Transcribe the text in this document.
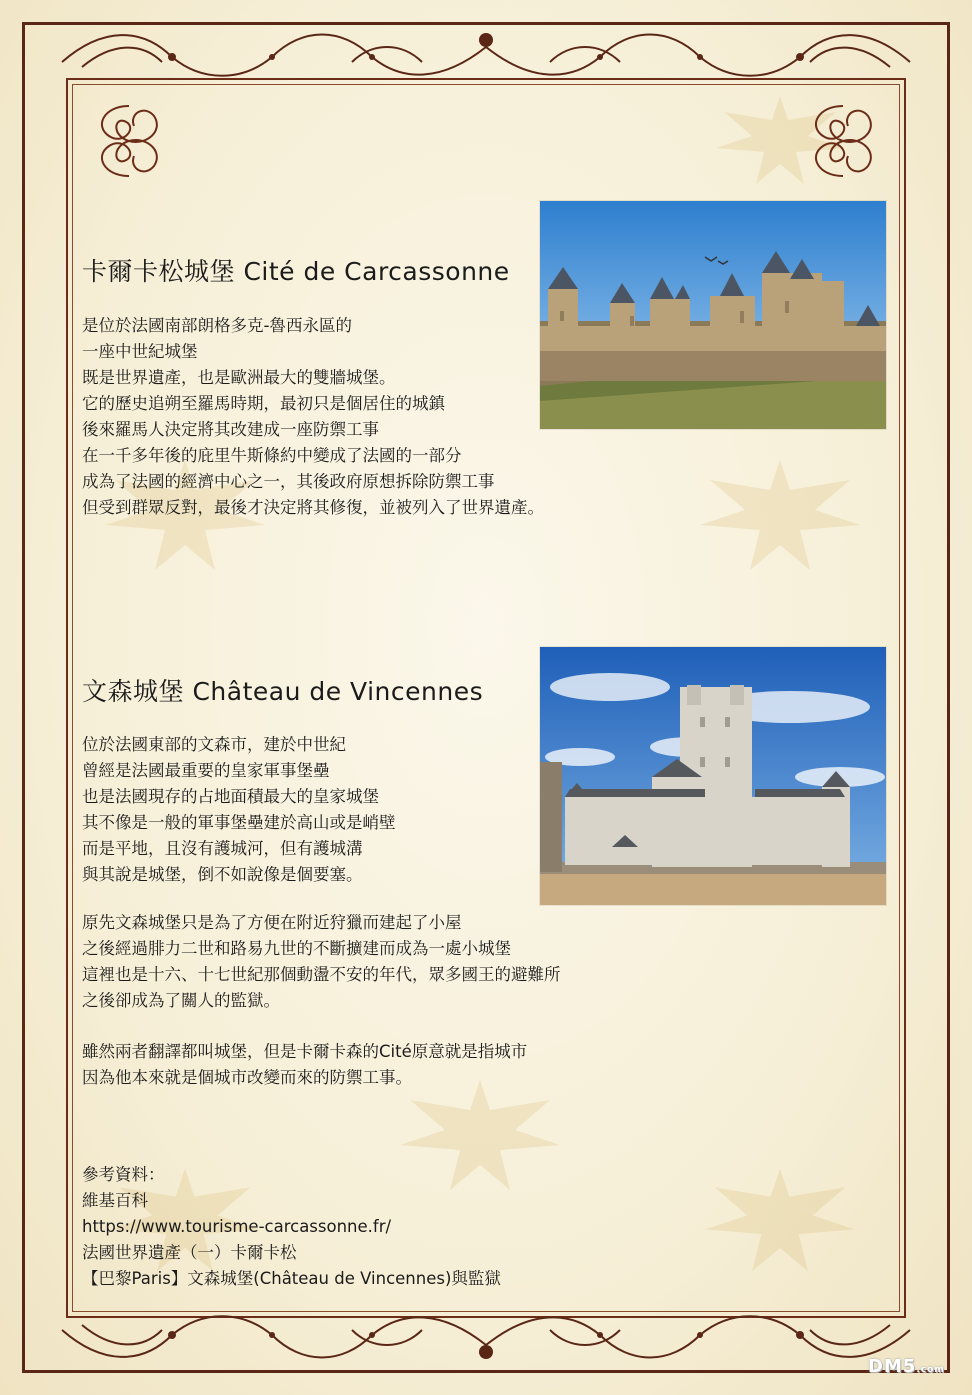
卡爾卡松城堡 Cité de Carcassonne
是位於法國南部朗格多克-魯西永區的
一座中世紀城堡
既是世界遺產，也是歐洲最大的雙牆城堡。
它的歷史追朔至羅馬時期，最初只是個居住的城鎮
後來羅馬人決定將其改建成一座防禦工事
在一千多年後的庇里牛斯條約中變成了法國的一部分
成為了法國的經濟中心之一，其後政府原想拆除防禦工事
但受到群眾反對，最後才決定將其修復，並被列入了世界遺產。
文森城堡 Château de Vincennes
位於法國東部的文森市，建於中世紀
曾經是法國最重要的皇家軍事堡壘
也是法國現存的占地面積最大的皇家城堡
其不像是一般的軍事堡壘建於高山或是峭壁
而是平地，且沒有護城河，但有護城溝
與其說是城堡，倒不如說像是個要塞。
原先文森城堡只是為了方便在附近狩獵而建起了小屋
之後經過腓力二世和路易九世的不斷擴建而成為一處小城堡
這裡也是十六、十七世紀那個動盪不安的年代，眾多國王的避難所
之後卻成為了關人的監獄。
雖然兩者翻譯都叫城堡，但是卡爾卡森的Cité原意就是指城市
因為他本來就是個城市改變而來的防禦工事。
參考資料：
維基百科
https://www.tourisme-carcassonne.fr/
法國世界遺產（一）卡爾卡松
【巴黎Paris】文森城堡(Château de Vincennes)與監獄
DM5.com
